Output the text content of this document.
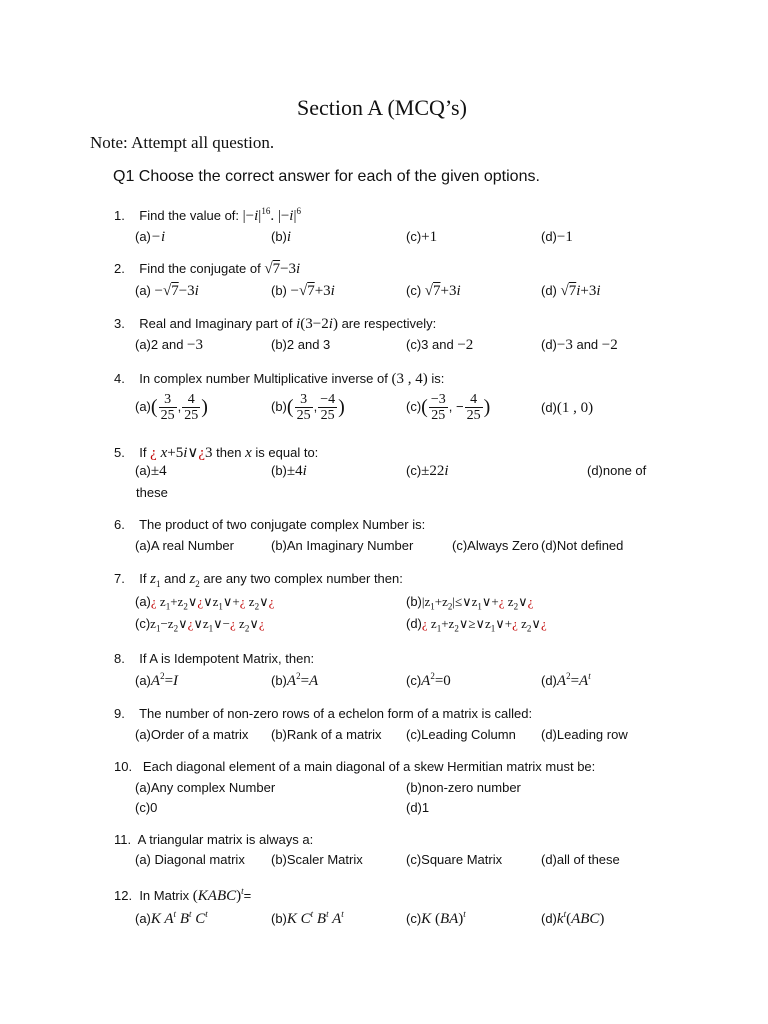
Section A (MCQ’s)
Note: Attempt all question.
Q1 Choose the correct answer for each of the given options.
1. Find the value of: $|-i|^{16}$. $|-i|^6$
(a)−i	(b)i	(c)+1	(d)−1
2. Find the conjugate of √7−3i
(a) −√7−3i	(b) −√7+3i	(c) √7+3i	(d) √7i+3i
3. Real and Imaginary part of i(3−2i) are respectively:
(a)2 and −3	(b)2 and 3	(c)3 and −2	(d)−3 and −2
4. In complex number Multiplicative inverse of (3 , 4) is:
$(a)( \frac{3}{25}$ , $\frac{4}{25}$ )	$(b)( \frac{3}{25}$ , $\frac{-4}{25}$ )	$(c)( \frac{-3}{25}$ , − $\frac{4}{25}$ )	(d)(1 , 0)
5. If ¿ x+5i∨¿3 then x is equal to:
(a)±4	(b)±4i	(c)±22i	(d)none of
these
6. The product of two conjugate complex Number is:
(a)A real Number	(b)An Imaginary Number	(c)Always Zero (d)Not defined
7. If $z_1$ and $z_2$ are any two complex number then:
(a)¿ $z_1+z_2\vee¿\vee z_1\vee+¿$ $z_2\vee¿$	$(b)|z_1+z_2|\le\vee z_1\vee+¿$ $z_2\vee¿$
$(c)z_1-z_2\vee¿\vee z_1\vee-¿$ $z_2\vee¿$	(d)¿ $z_1+z_2\vee\ge\vee z_1\vee+¿$ $z_2\vee¿$
8. If A is Idempotent Matrix, then:
$(a)A^2=I$	$(b)A^2=A$	$(c)A^2=0$	$(d)A^2=A^t$
9. The number of non-zero rows of a echelon form of a matrix is called:
(a)Order of a matrix (b)Rank of a matrix (c)Leading Column (d)Leading row
10. Each diagonal element of a main diagonal of a skew Hermitian matrix must be:
(a)Any complex Number	(b)non-zero number
(c)0	(d)1
11. A triangular matrix is always a:
(a) Diagonal matrix (b)Scaler Matrix	(c)Square Matrix	(d)all of these
12. In Matrix (KABC)$^t$=
(a)K $A^t$ $B^t$ $C^t$	(b)K $C^t$ $B^t$ $A^t$	(c)K (BA)$^t$	$(d)k^t(ABC)$
